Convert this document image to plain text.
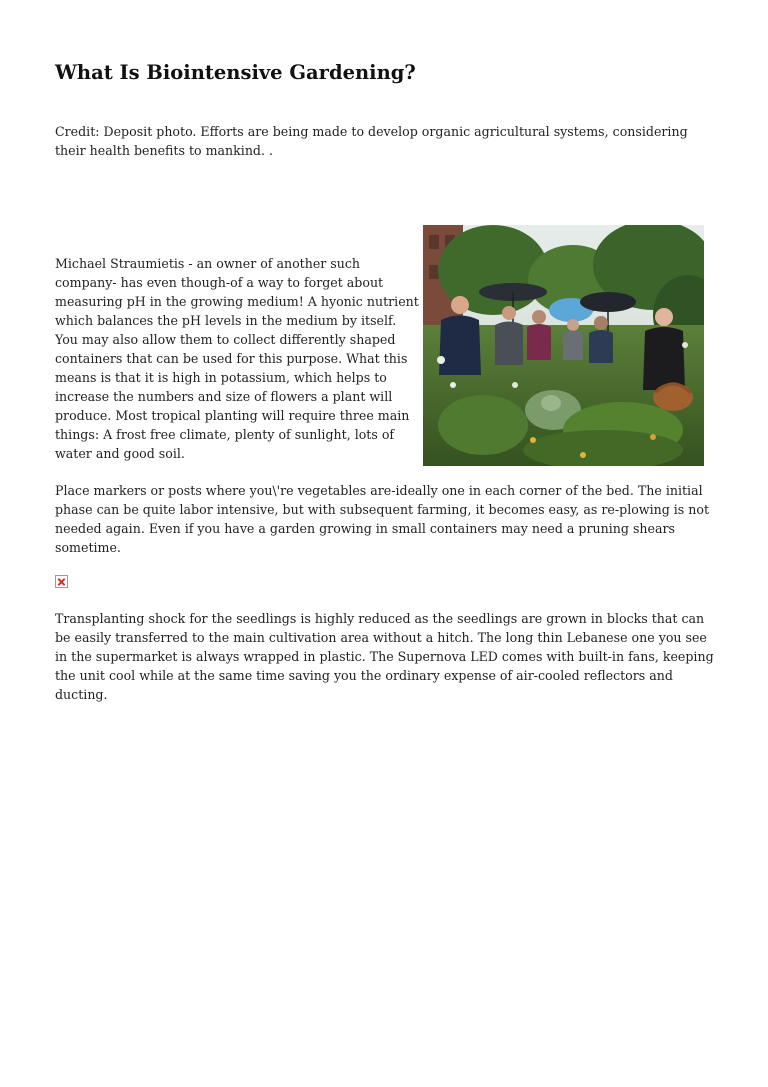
What Is Biointensive Gardening?

Credit: Deposit photo. Efforts are being made to develop organic agricultural systems, considering their health benefits to mankind. .

Michael Straumietis - an owner of another such company- has even though-of a way to forget about measuring pH in the growing medium! A hyonic nutrient which balances the pH levels in the medium by itself. You may also allow them to collect differently shaped containers that can be used for this purpose. What this means is that it is high in potassium, which helps to increase the numbers and size of flowers a plant will produce. Most tropical planting will require three main things: A frost free climate, plenty of sunlight, lots of water and good soil.

Place markers or posts where you\'re vegetables are-ideally one in each corner of the bed. The initial phase can be quite labor intensive, but with subsequent farming, it becomes easy, as re-plowing is not needed again. Even if you have a garden growing in small containers may need a pruning shears sometime.

Transplanting shock for the seedlings is highly reduced as the seedlings are grown in blocks that can be easily transferred to the main cultivation area without a hitch. The long thin Lebanese one you see in the supermarket is always wrapped in plastic. The Supernova LED comes with built-in fans, keeping the unit cool while at the same time saving you the ordinary expense of air-cooled reflectors and ducting.
